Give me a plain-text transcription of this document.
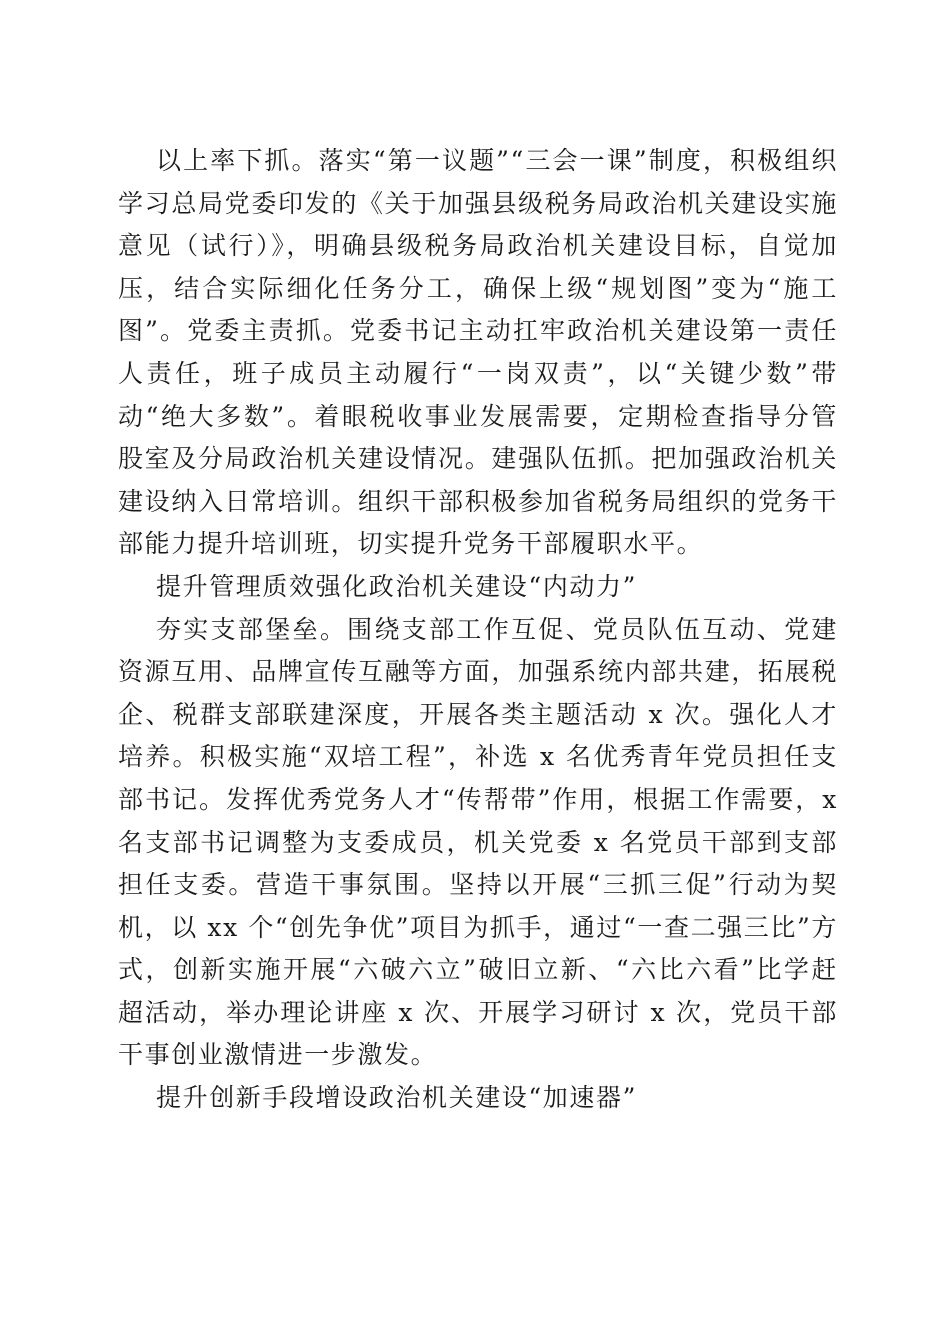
以上率下抓。落实“第一议题”“三会一课”制度，积极组织学习总局党委印发的《关于加强县级税务局政治机关建设实施意见（试行）》，明确县级税务局政治机关建设目标，自觉加压，结合实际细化任务分工，确保上级“规划图”变为“施工图”。党委主责抓。党委书记主动扛牢政治机关建设第一责任人责任，班子成员主动履行“一岗双责”，以“关键少数”带动“绝大多数”。着眼税收事业发展需要，定期检查指导分管股室及分局政治机关建设情况。建强队伍抓。把加强政治机关建设纳入日常培训。组织干部积极参加省税务局组织的党务干部能力提升培训班，切实提升党务干部履职水平。

提升管理质效强化政治机关建设“内动力”

夯实支部堡垒。围绕支部工作互促、党员队伍互动、党建资源互用、品牌宣传互融等方面，加强系统内部共建，拓展税企、税群支部联建深度，开展各类主题活动 x 次。强化人才培养。积极实施“双培工程”，补选 x 名优秀青年党员担任支部书记。发挥优秀党务人才“传帮带”作用，根据工作需要，x 名支部书记调整为支委成员，机关党委 x 名党员干部到支部担任支委。营造干事氛围。坚持以开展“三抓三促”行动为契机，以 xx 个“创先争优”项目为抓手，通过“一查二强三比”方式，创新实施开展“六破六立”破旧立新、“六比六看”比学赶超活动，举办理论讲座 x 次、开展学习研讨 x 次，党员干部干事创业激情进一步激发。

提升创新手段增设政治机关建设“加速器”
